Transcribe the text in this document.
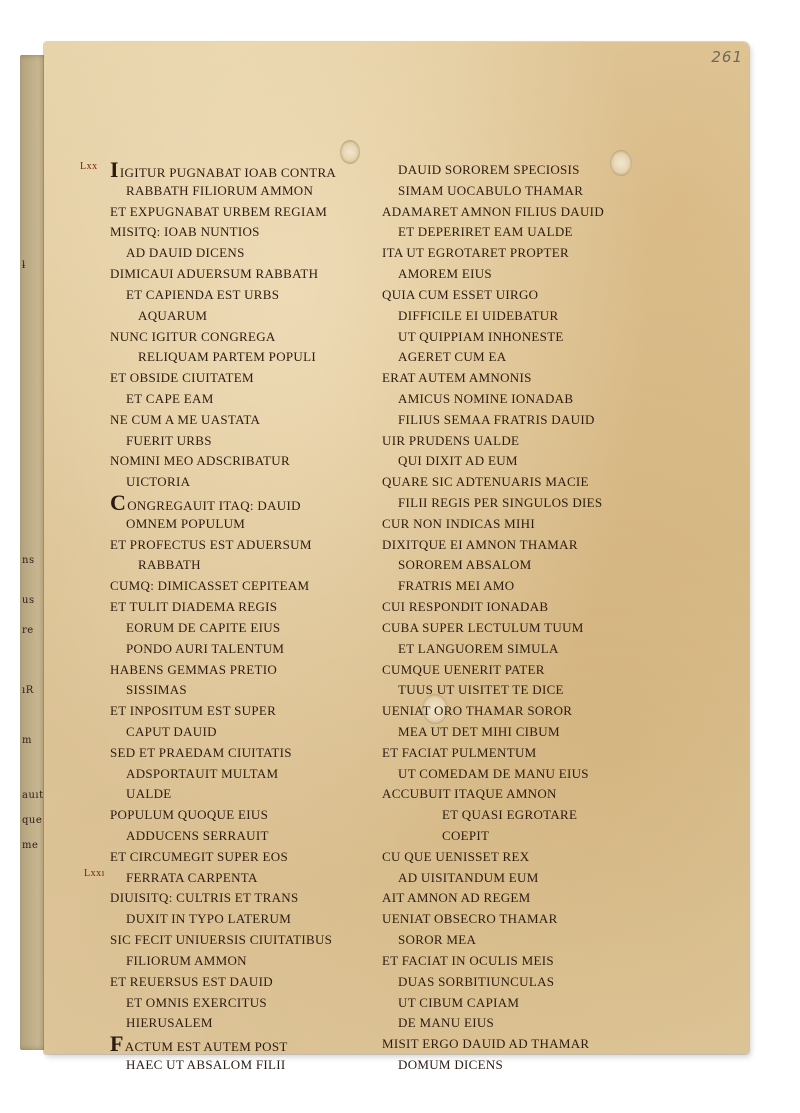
ƚ
ns
us
re
ıR
m
auıt
que
me
261
Lxx
Lxxı
IIGITUR PUGNABAT IOAB CONTRA
RABBATH FILIORUM AMMON
ET EXPUGNABAT URBEM REGIAM
MISITQ: IOAB NUNTIOS
AD DAUID DICENS
DIMICAUI ADUERSUM RABBATH
ET CAPIENDA EST URBS
AQUARUM
NUNC IGITUR CONGREGA
RELIQUAM PARTEM POPULI
ET OBSIDE CIUITATEM
ET CAPE EAM
NE CUM A ME UASTATA
FUERIT URBS
NOMINI MEO ADSCRIBATUR
UICTORIA
CONGREGAUIT ITAQ: DAUID
OMNEM POPULUM
ET PROFECTUS EST ADUERSUM
RABBATH
CUMQ: DIMICASSET CEPITEAM
ET TULIT DIADEMA REGIS
EORUM DE CAPITE EIUS
PONDO AURI TALENTUM
HABENS GEMMAS PRETIO
SISSIMAS
ET INPOSITUM EST SUPER
CAPUT DAUID
SED ET PRAEDAM CIUITATIS
ADSPORTAUIT MULTAM
UALDE
POPULUM QUOQUE EIUS
ADDUCENS SERRAUIT
ET CIRCUMEGIT SUPER EOS
FERRATA CARPENTA
DIUISITQ: CULTRIS ET TRANS
DUXIT IN TYPO LATERUM
SIC FECIT UNIUERSIS CIUITATIBUS
FILIORUM AMMON
ET REUERSUS EST DAUID
ET OMNIS EXERCITUS
HIERUSALEM
FACTUM EST AUTEM POST
HAEC UT ABSALOM FILII
DAUID SOROREM SPECIOSIS
SIMAM UOCABULO THAMAR
ADAMARET AMNON FILIUS DAUID
ET DEPERIRET EAM UALDE
ITA UT EGROTARET PROPTER
AMOREM EIUS
QUIA CUM ESSET UIRGO
DIFFICILE EI UIDEBATUR
UT QUIPPIAM INHONESTE
AGERET CUM EA
ERAT AUTEM AMNONIS
AMICUS NOMINE IONADAB
FILIUS SEMAA FRATRIS DAUID
UIR PRUDENS UALDE
QUI DIXIT AD EUM
QUARE SIC ADTENUARIS MACIE
FILII REGIS PER SINGULOS DIES
CUR NON INDICAS MIHI
DIXITQUE EI AMNON THAMAR
SOROREM ABSALOM
FRATRIS MEI AMO
CUI RESPONDIT IONADAB
CUBA SUPER LECTULUM TUUM
ET LANGUOREM SIMULA
CUMQUE UENERIT PATER
TUUS UT UISITET TE DICE
UENIAT ORO THAMAR SOROR
MEA UT DET MIHI CIBUM
ET FACIAT PULMENTUM
UT COMEDAM DE MANU EIUS
ACCUBUIT ITAQUE AMNON
ET QUASI EGROTARE
COEPIT
CU QUE UENISSET REX
AD UISITANDUM EUM
AIT AMNON AD REGEM
UENIAT OBSECRO THAMAR
SOROR MEA
ET FACIAT IN OCULIS MEIS
DUAS SORBITIUNCULAS
UT CIBUM CAPIAM
DE MANU EIUS
MISIT ERGO DAUID AD THAMAR
DOMUM DICENS
